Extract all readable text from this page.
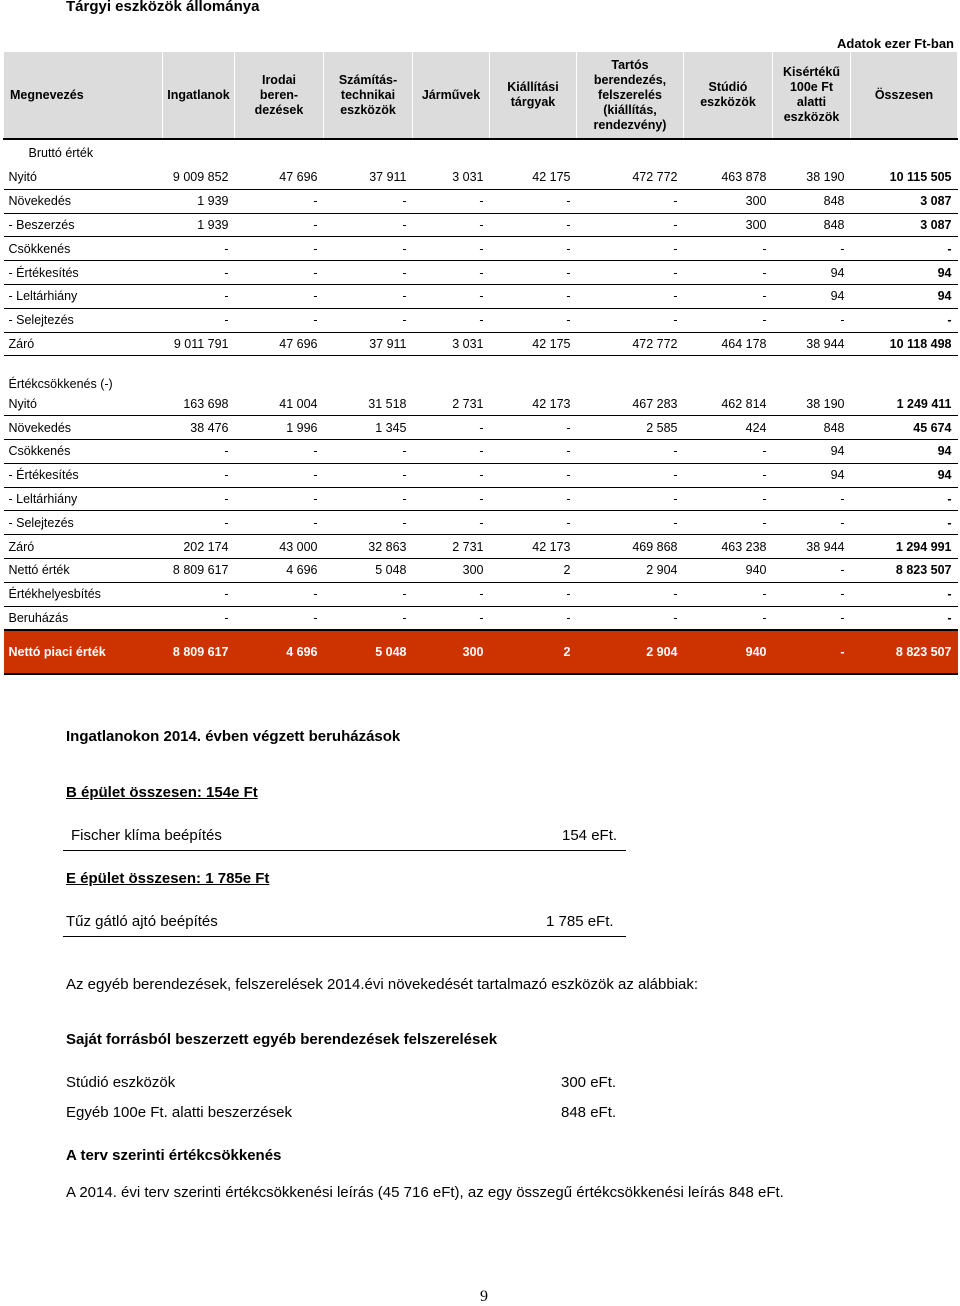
Tárgyi eszközök állománya
Adatok ezer Ft-ban
Megnevezés	Ingatlanok	Irodai
beren-
dezések	Számítás-
technikai
eszközök	Járművek	Kiállítási
tárgyak	Tartós
berendezés,
felszerelés
(kiállítás,
rendezvény)	Stúdió
eszközök	Kisértékű
100e Ft
alatti
eszközök	Összesen
Bruttó érték									
Nyitó	9 009 852	47 696	37 911	3 031	42 175	472 772	463 878	38 190	10 115 505
Növekedés	1 939	-	-	-	-	-	300	848	3 087
- Beszerzés	1 939	-	-	-	-	-	300	848	3 087
Csökkenés	-	-	-	-	-	-	-	-	-
- Értékesítés	-	-	-	-	-	-	-	94	94
- Leltárhiány	-	-	-	-	-	-	-	94	94
- Selejtezés	-	-	-	-	-	-	-	-	-
Záró	9 011 791	47 696	37 911	3 031	42 175	472 772	464 178	38 944	10 118 498
Értékcsökkenés (-)									
Nyitó	163 698	41 004	31 518	2 731	42 173	467 283	462 814	38 190	1 249 411
Növekedés	38 476	1 996	1 345	-	-	2 585	424	848	45 674
Csökkenés	-	-	-	-	-	-	-	94	94
- Értékesítés	-	-	-	-	-	-	-	94	94
- Leltárhiány	-	-	-	-	-	-	-	-	-
- Selejtezés	-	-	-	-	-	-	-	-	-
Záró	202 174	43 000	32 863	2 731	42 173	469 868	463 238	38 944	1 294 991
Nettó érték	8 809 617	4 696	5 048	300	2	2 904	940	-	8 823 507
Értékhelyesbítés	-	-	-	-	-	-	-	-	-
Beruházás	-	-	-	-	-	-	-	-	-
Nettó piaci érték	8 809 617	4 696	5 048	300	2	2 904	940	-	8 823 507
Ingatlanokon 2014. évben végzett beruházások
B épület összesen: 154e Ft
Fischer klíma beépítés	154 eFt.
E épület összesen: 1 785e Ft
Tűz gátló ajtó beépítés	1 785 eFt.
Az egyéb berendezések, felszerelések 2014.évi növekedését tartalmazó eszközök az alábbiak:
Saját forrásból beszerzett egyéb berendezések felszerelések
Stúdió eszközök	300 eFt.
Egyéb 100e Ft. alatti beszerzések	848 eFt.
A terv szerinti értékcsökkenés
A 2014. évi terv szerinti értékcsökkenési leírás (45 716 eFt), az egy összegű értékcsökkenési leírás 848 eFt.
9
